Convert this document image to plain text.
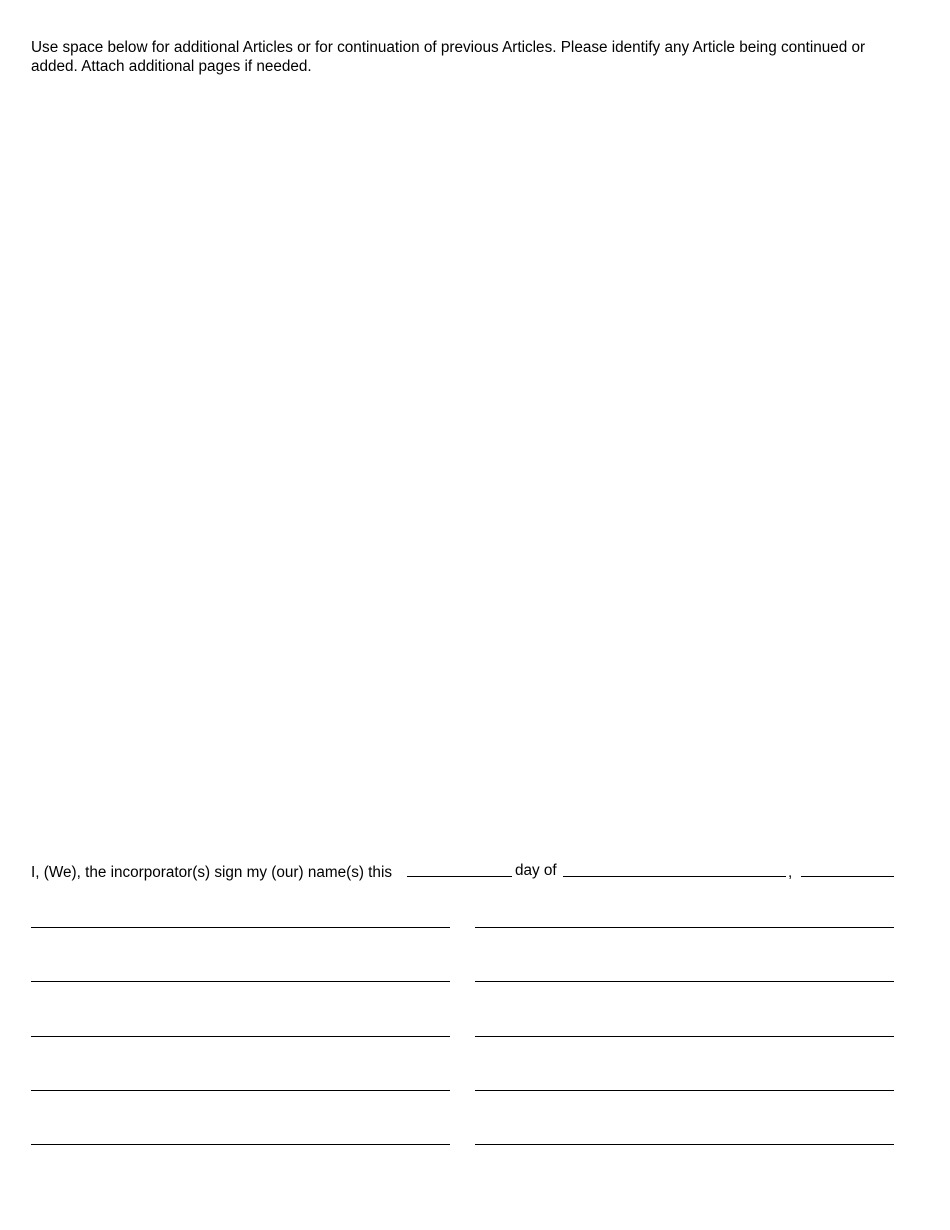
Use space below for additional Articles or for continuation of previous Articles. Please identify any Article being continued or added. Attach additional pages if needed.

I, (We), the incorporator(s) sign my (our) name(s) this	day of	,
